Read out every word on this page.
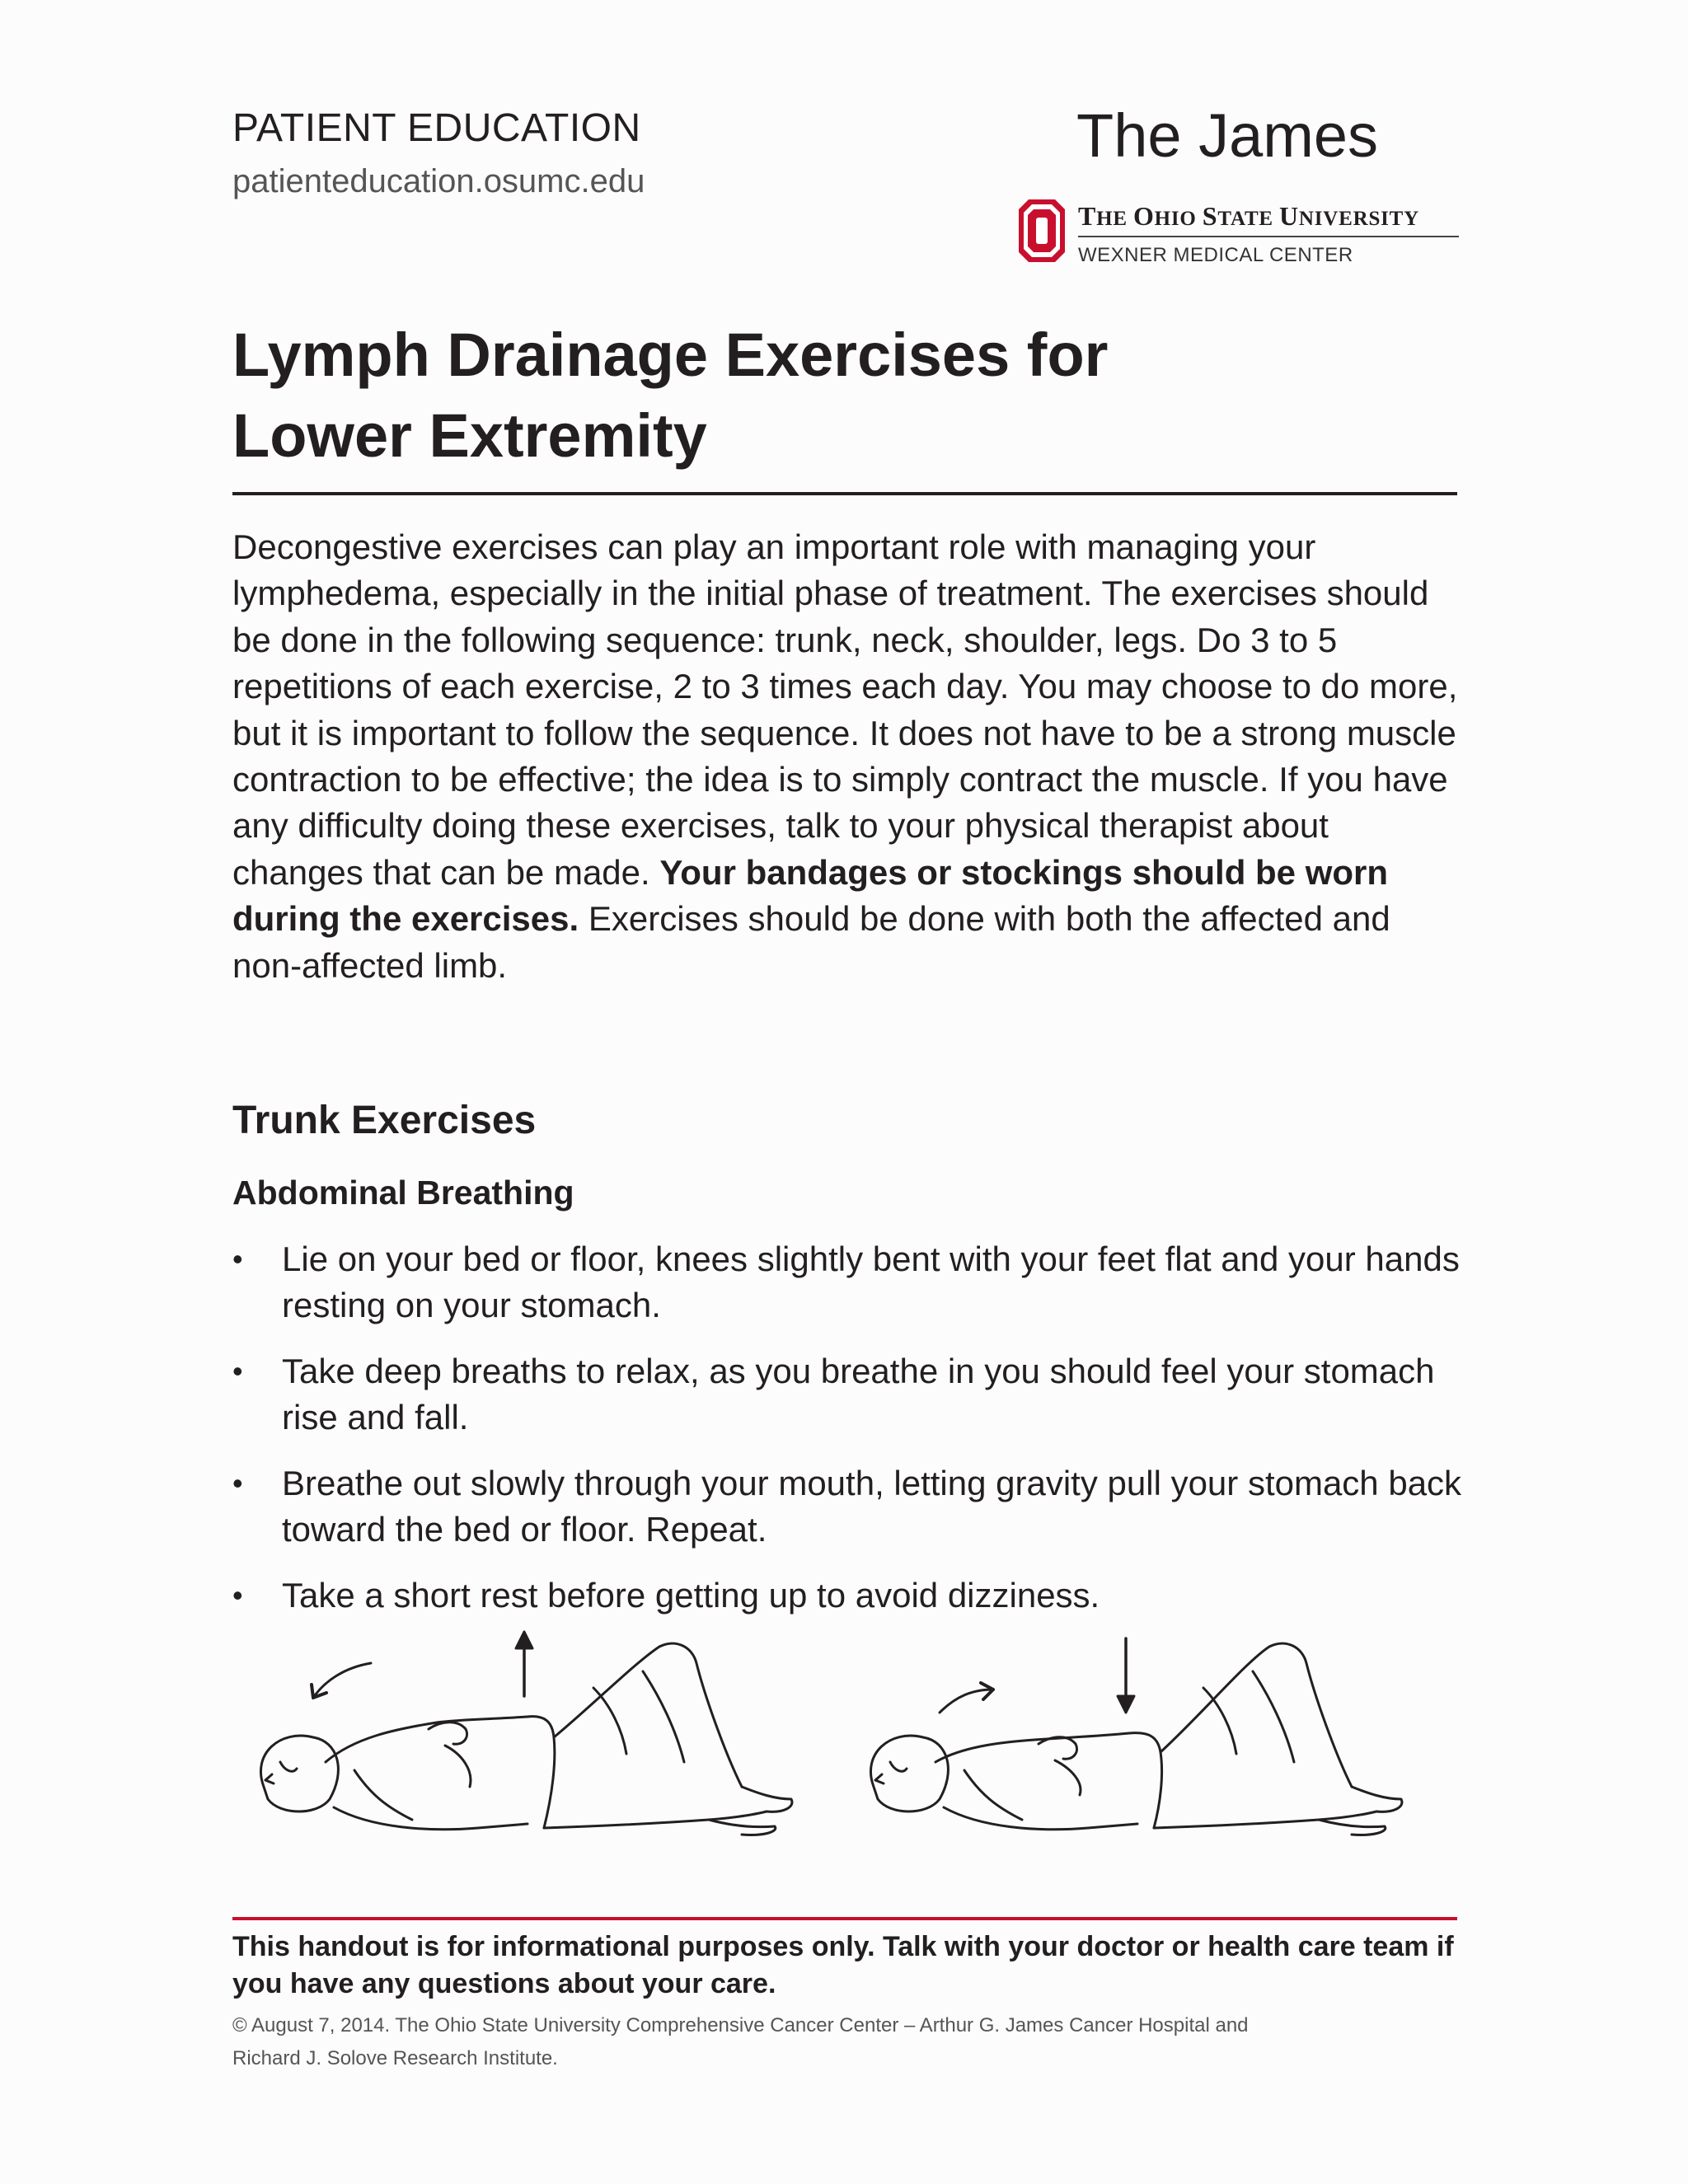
PATIENT EDUCATION
patienteducation.osumc.edu
The James
THE OHIO STATE UNIVERSITY
WEXNER MEDICAL CENTER
Lymph Drainage Exercises for
Lower Extremity

Decongestive exercises can play an important role with managing your lymphedema, especially in the initial phase of treatment. The exercises should be done in the following sequence: trunk, neck, shoulder, legs. Do 3 to 5 repetitions of each exercise, 2 to 3 times each day. You may choose to do more, but it is important to follow the sequence. It does not have to be a strong muscle contraction to be effective; the idea is to simply contract the muscle. If you have any difficulty doing these exercises, talk to your physical therapist about changes that can be made. Your bandages or stockings should be worn during the exercises. Exercises should be done with both the affected and non-affected limb.

Trunk Exercises
Abdominal Breathing
• Lie on your bed or floor, knees slightly bent with your feet flat and your hands resting on your stomach.
• Take deep breaths to relax, as you breathe in you should feel your stomach rise and fall.
• Breathe out slowly through your mouth, letting gravity pull your stomach back toward the bed or floor. Repeat.
• Take a short rest before getting up to avoid dizziness.

This handout is for informational purposes only. Talk with your doctor or health care team if you have any questions about your care.

© August 7, 2014. The Ohio State University Comprehensive Cancer Center – Arthur G. James Cancer Hospital and
Richard J. Solove Research Institute.
